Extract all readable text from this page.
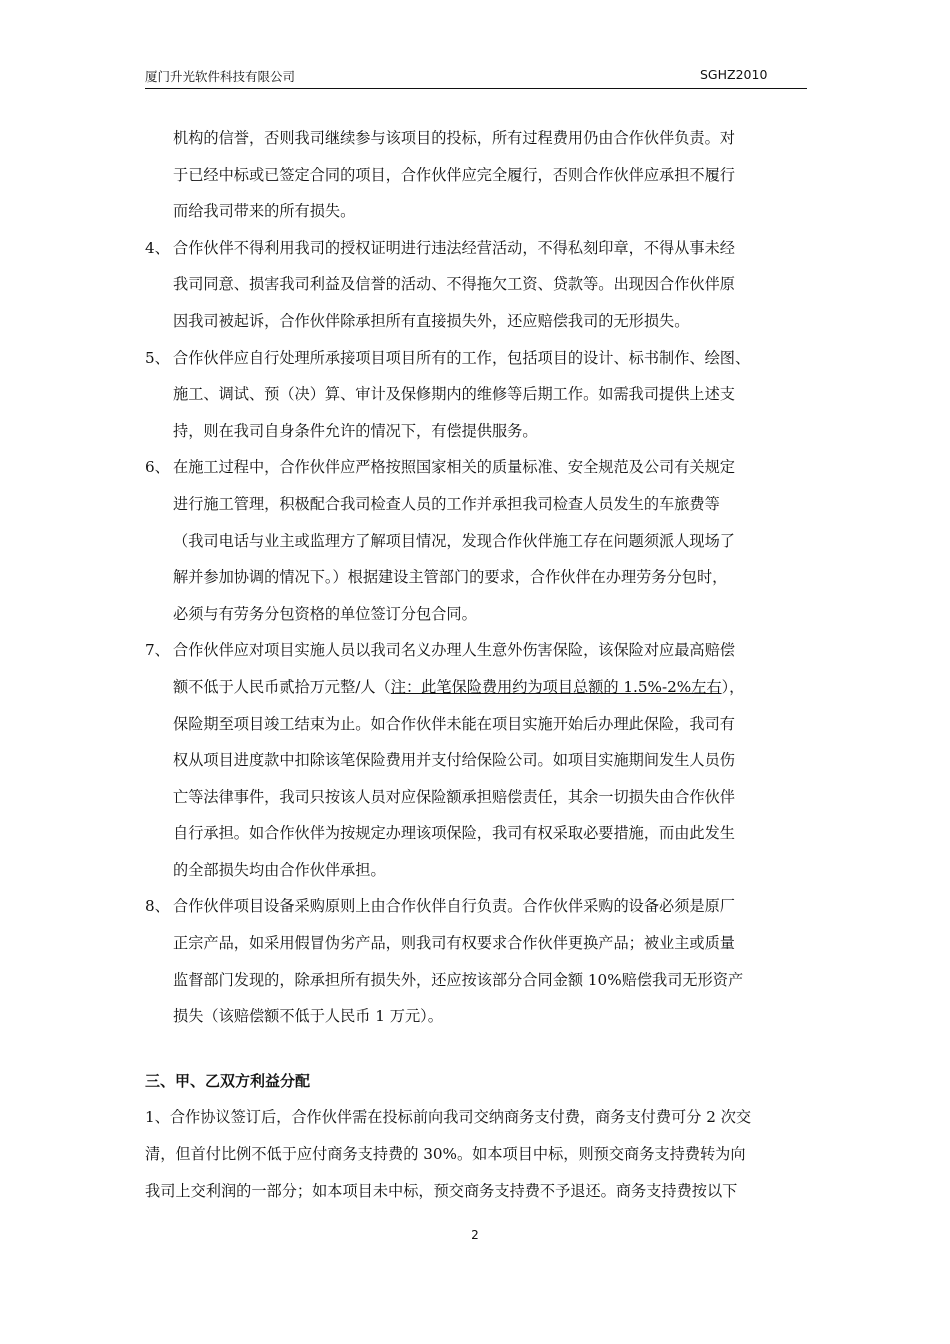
厦门升光软件科技有限公司	SGHZ2010
机构的信誉，否则我司继续参与该项目的投标，所有过程费用仍由合作伙伴负责。对
于已经中标或已签定合同的项目，合作伙伴应完全履行，否则合作伙伴应承担不履行
而给我司带来的所有损失。
4、 合作伙伴不得利用我司的授权证明进行违法经营活动，不得私刻印章，不得从事未经
我司同意、损害我司利益及信誉的活动、不得拖欠工资、贷款等。出现因合作伙伴原
因我司被起诉，合作伙伴除承担所有直接损失外，还应赔偿我司的无形损失。
5、 合作伙伴应自行处理所承接项目项目所有的工作，包括项目的设计、标书制作、绘图、
施工、调试、预（决）算、审计及保修期内的维修等后期工作。如需我司提供上述支
持，则在我司自身条件允许的情况下，有偿提供服务。
6、 在施工过程中，合作伙伴应严格按照国家相关的质量标准、安全规范及公司有关规定
进行施工管理，积极配合我司检查人员的工作并承担我司检查人员发生的车旅费等
（我司电话与业主或监理方了解项目情况，发现合作伙伴施工存在问题须派人现场了
解并参加协调的情况下。）根据建设主管部门的要求，合作伙伴在办理劳务分包时，
必须与有劳务分包资格的单位签订分包合同。
7、 合作伙伴应对项目实施人员以我司名义办理人生意外伤害保险，该保险对应最高赔偿
额不低于人民币贰拾万元整/人（注：此笔保险费用约为项目总额的 1.5%-2%左右），
保险期至项目竣工结束为止。如合作伙伴未能在项目实施开始后办理此保险，我司有
权从项目进度款中扣除该笔保险费用并支付给保险公司。如项目实施期间发生人员伤
亡等法律事件，我司只按该人员对应保险额承担赔偿责任，其余一切损失由合作伙伴
自行承担。如合作伙伴为按规定办理该项保险，我司有权采取必要措施，而由此发生
的全部损失均由合作伙伴承担。
8、 合作伙伴项目设备采购原则上由合作伙伴自行负责。合作伙伴采购的设备必须是原厂
正宗产品，如采用假冒伪劣产品，则我司有权要求合作伙伴更换产品；被业主或质量
监督部门发现的，除承担所有损失外，还应按该部分合同金额 10%赔偿我司无形资产
损失（该赔偿额不低于人民币 1 万元）。
三、甲、乙双方利益分配
1、合作协议签订后，合作伙伴需在投标前向我司交纳商务支付费，商务支付费可分 2 次交
清，但首付比例不低于应付商务支持费的 30%。如本项目中标，则预交商务支持费转为向
我司上交利润的一部分；如本项目未中标，预交商务支持费不予退还。商务支持费按以下
2
